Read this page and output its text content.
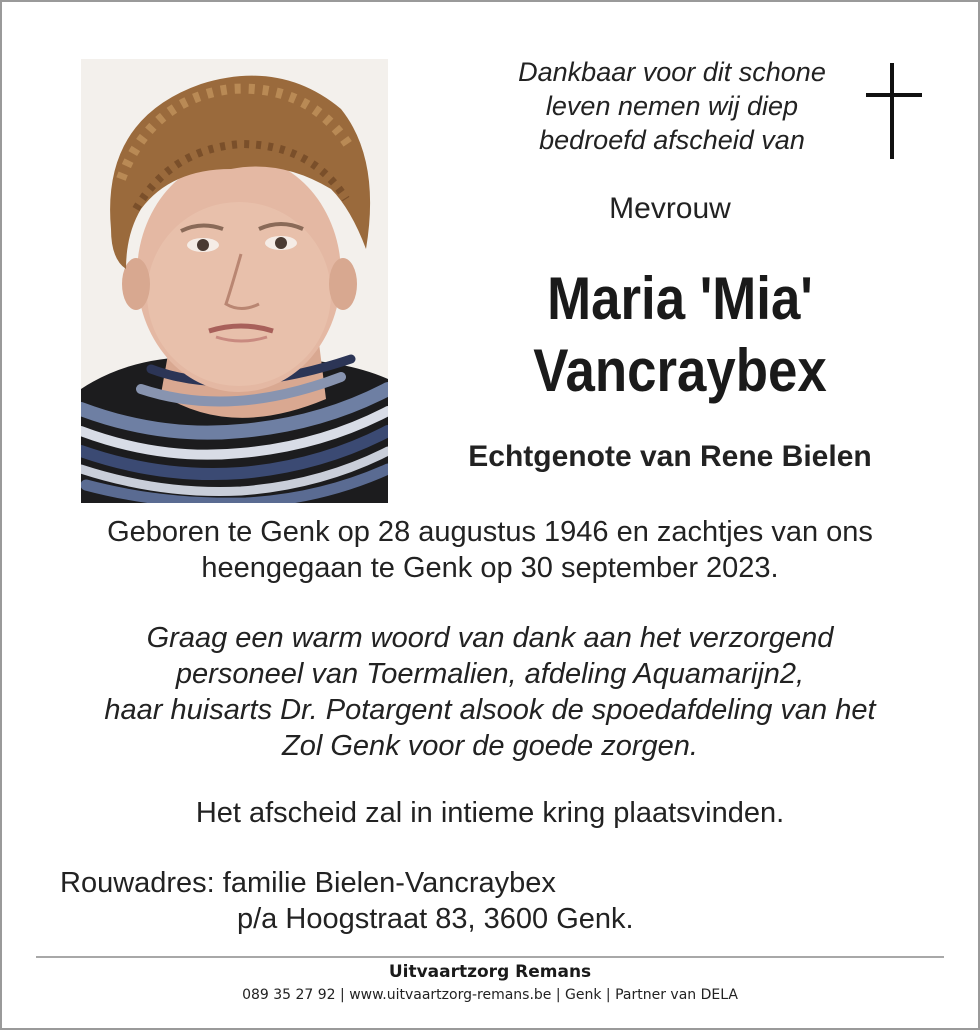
Dankbaar voor dit schone
leven nemen wij diep
bedroefd afscheid van
Mevrouw
Maria 'Mia'
Vancraybex
Echtgenote van Rene Bielen
Geboren te Genk op 28 augustus 1946 en zachtjes van ons
heengegaan te Genk op 30 september 2023.
Graag een warm woord van dank aan het verzorgend
personeel van Toermalien, afdeling Aquamarijn2,
haar huisarts Dr. Potargent alsook de spoedafdeling van het
Zol Genk voor de goede zorgen.
Het afscheid zal in intieme kring plaatsvinden.
Rouwadres: familie Bielen-Vancraybex
p/a Hoogstraat 83, 3600 Genk.
Uitvaartzorg Remans
089 35 27 92 | www.uitvaartzorg-remans.be | Genk | Partner van DELA
